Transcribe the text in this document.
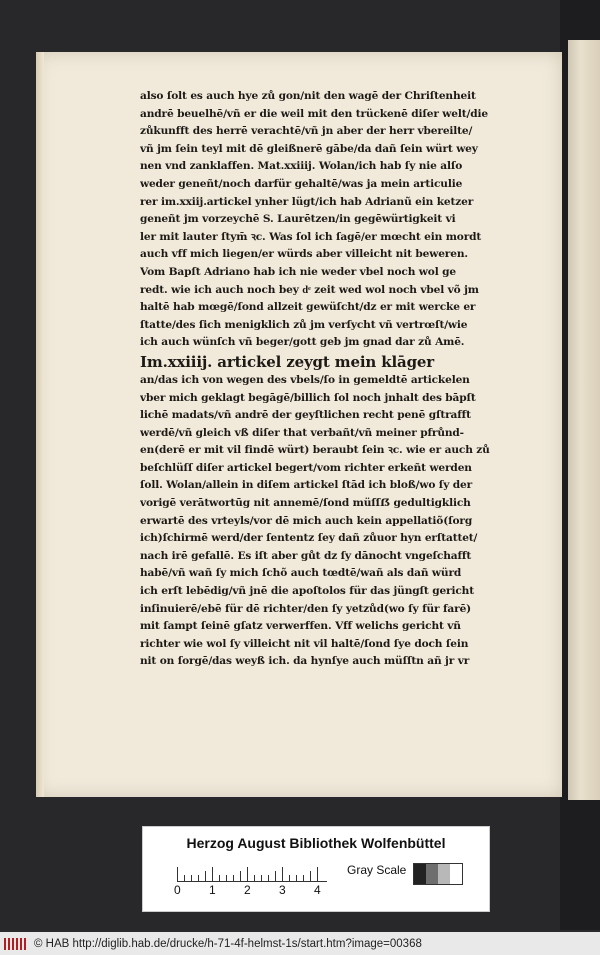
also ſolt es auch hye zů gon/nit den wagē der Chriſtenheit
andrē beuelhē/vñ er die weil mit den trückenē diſer welt/die
zůkunfft des herrē verachtē/vñ jn aber der herr vbereilte/
vñ jm ſein teyl mit dē gleißnerē gābe/da dañ ſein würt wey
nen vnd zanklaffen. Mat.xxiiij. Wolan/ich hab ſy nie alſo
weder geneñt/noch darfür gehaltē/was ja mein articulie
rer im.xxiij.artickel ynher lügt/ich hab Adrianũ ein ketzer
geneñt jm vorzeychē S. Laurētzen/in gegēwürtigkeit vi
ler mit lauter ſtym̄ ꝛc. Was ſol ich ſagē/er mœcht ein mordt
auch vff mich liegen/er würds aber villeicht nit beweren.
Vom Bapſt Adriano hab ich nie weder vbel noch wol ge
redt. wie ich auch noch bey dͤ zeit wed wol noch vbel võ jm
haltē hab mœgē/ſond allzeit gewüſcht/dz er mit wercke er
ſtatte/des ſich menigklich zů jm verſycht vñ vertrœſt/wie
ich auch wünſch vñ beger/gott geb jm gnad dar zů Amē.
Im.xxiiij. artickel zeygt mein klāger
an/das ich von wegen des vbels/ſo in gemeldtē artickelen
vber mich geklagt begāgē/billich ſol noch jnhalt des bāpſt
lichē madats/vñ andrē der geyſtlichen recht penē gſtrafft
werdē/vñ gleich vß diſer that verbañt/vñ meiner pfrůnd-
en(derē er mit vil findē würt) beraubt ſein ꝛc. wie er auch zů
beſchlüſſ diſer artickel begert/vom richter erkeñt werden
ſoll. Wolan/allein in diſem artickel ſtād ich bloß/wo ſy der
vorigē verātwortūg nit annemē/ſond müſſẞ gedultigklich
erwartē des vrteyls/vor dē mich auch kein appellatiõ(ſorg
ich)ſchirmē werd/der ſententz ſey dañ zůuor hyn erſtattet/
nach irē gefallē. Es iſt aber gůt dz ſy dānocht vngeſchafft
habē/vñ wañ ſy mich ſchõ auch tœdtē/wañ als dañ würd
ich erſt lebēdig/vñ jnē die apoſtolos für das jüngſt gericht
inſinuierē/ebē für dē richter/den ſy yetzůd(wo ſy für farē)
mit ſampt ſeinē gſatz verwerffen. Vff welichs gericht vñ
richter wie wol ſy villeicht nit vil haltē/ſond ſye doch ſein
nit on ſorgē/das weyß ich. da hynſye auch müſſtn añ jr vr
Herzog August Bibliothek Wolfenbüttel
0 1 2 3 4
Gray Scale
© HAB http://diglib.hab.de/drucke/h-71-4f-helmst-1s/start.htm?image=00368
